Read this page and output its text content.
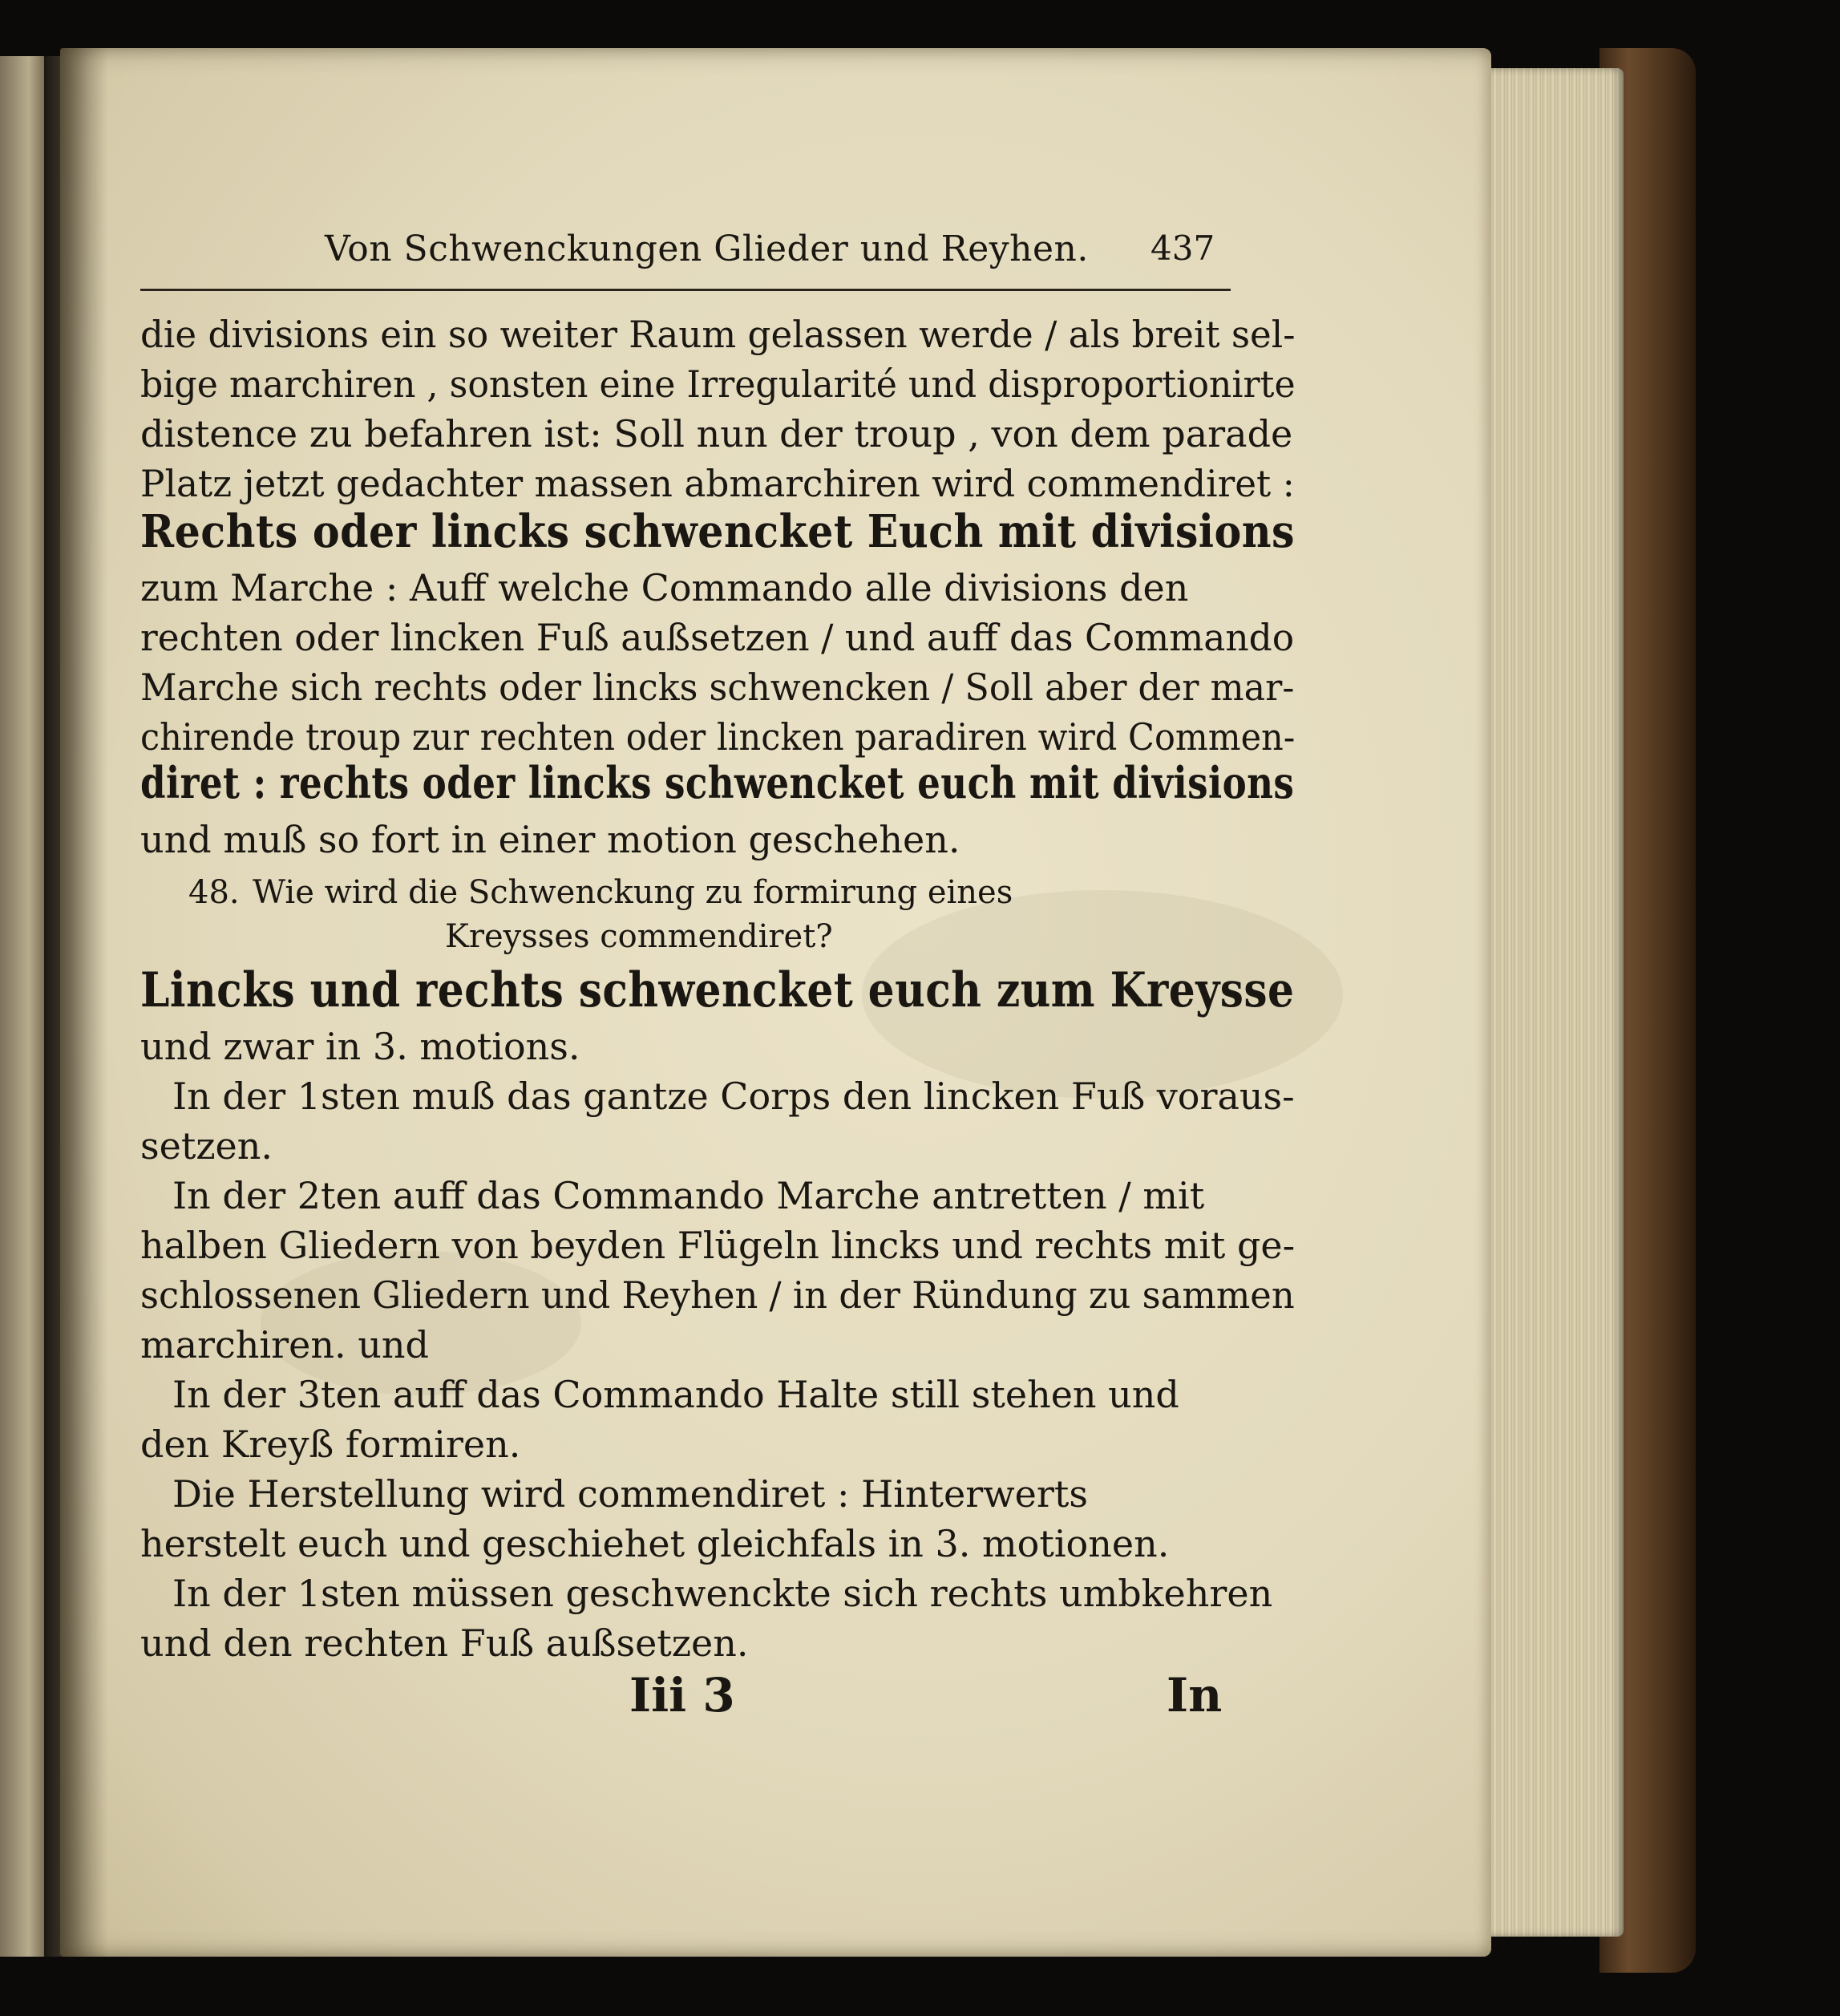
Von Schwenckungen Glieder und Reyhen. 437
die divisions ein so weiter Raum gelassen werde / als breit sel-
bige marchiren , sonsten eine Irregularité und disproportionirte
distence zu befahren ist: Soll nun der troup , von dem parade
Platz jetzt gedachter massen abmarchiren wird commendiret :
Rechts oder lincks schwencket Euch mit divisions
zum Marche : Auff welche Commando alle divisions den
rechten oder lincken Fuß außsetzen / und auff das Commando
Marche sich rechts oder lincks schwencken / Soll aber der mar-
chirende troup zur rechten oder lincken paradiren wird Commen-
diret : rechts oder lincks schwencket euch mit divisions
und muß so fort in einer motion geschehen.
48. Wie wird die Schwenckung zu formirung eines
Kreysses commendiret?
Lincks und rechts schwencket euch zum Kreysse
und zwar in 3. motions.
In der 1sten muß das gantze Corps den lincken Fuß voraus-
setzen.
In der 2ten auff das Commando Marche antretten / mit
halben Gliedern von beyden Flügeln lincks und rechts mit ge-
schlossenen Gliedern und Reyhen / in der Ründung zu sammen
marchiren. und
In der 3ten auff das Commando Halte still stehen und
den Kreyß formiren.
Die Herstellung wird commendiret : Hinterwerts
herstelt euch und geschiehet gleichfals in 3. motionen.
In der 1sten müssen geschwenckte sich rechts umbkehren
und den rechten Fuß außsetzen.
Iii 3	In
